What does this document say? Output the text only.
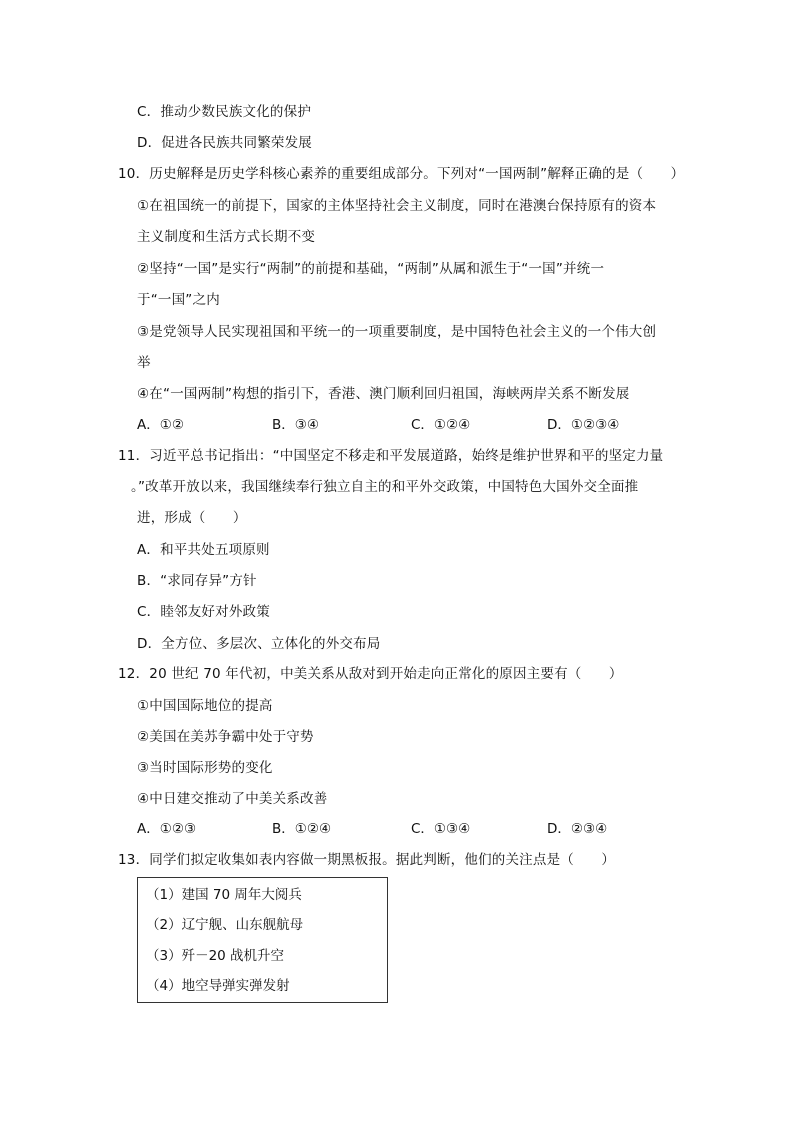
C．推动少数民族文化的保护
D．促进各民族共同繁荣发展
10．历史解释是历史学科核心素养的重要组成部分。下列对“一国两制”解释正确的是（　　）
①在祖国统一的前提下，国家的主体坚持社会主义制度，同时在港澳台保持原有的资本
主义制度和生活方式长期不变
②坚持“一国”是实行“两制”的前提和基础，“两制”从属和派生于“一国”并统一
于“一国”之内
③是党领导人民实现祖国和平统一的一项重要制度，是中国特色社会主义的一个伟大创
举
④在“一国两制”构想的指引下，香港、澳门顺利回归祖国，海峡两岸关系不断发展
A．①②	B．③④	C．①②④	D．①②③④
11．习近平总书记指出：“中国坚定不移走和平发展道路，始终是维护世界和平的坚定力量
。”改革开放以来，我国继续奉行独立自主的和平外交政策，中国特色大国外交全面推
进，形成（　　）
A．和平共处五项原则
B．“求同存异”方针
C．睦邻友好对外政策
D．全方位、多层次、立体化的外交布局
12．20 世纪 70 年代初，中美关系从敌对到开始走向正常化的原因主要有（　　）
①中国国际地位的提高
②美国在美苏争霸中处于守势
③当时国际形势的变化
④中日建交推动了中美关系改善
A．①②③	B．①②④	C．①③④	D．②③④
13．同学们拟定收集如表内容做一期黑板报。据此判断，他们的关注点是（　　）
（1）建国 70 周年大阅兵
（2）辽宁舰、山东舰航母
（3）歼－20 战机升空
（4）地空导弹实弹发射
